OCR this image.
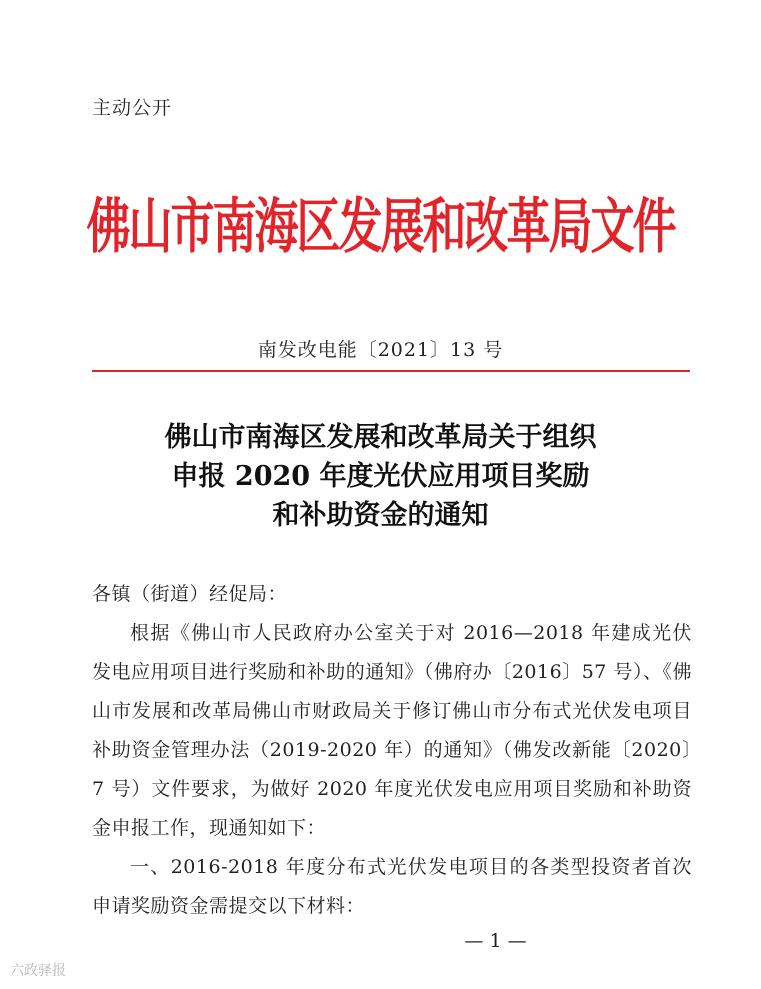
主动公开
佛山市南海区发展和改革局文件
南发改电能〔2021〕13 号
佛山市南海区发展和改革局关于组织
申报 2020 年度光伏应用项目奖励
和补助资金的通知

各镇（街道）经促局：

根据《佛山市人民政府办公室关于对 2016—2018 年建成光伏发电应用项目进行奖励和补助的通知》（佛府办〔2016〕57 号）、《佛山市发展和改革局佛山市财政局关于修订佛山市分布式光伏发电项目补助资金管理办法（2019-2020 年）的通知》（佛发改新能〔2020〕7 号）文件要求，为做好 2020 年度光伏发电应用项目奖励和补助资金申报工作，现通知如下：

一、2016-2018 年度分布式光伏发电项目的各类型投资者首次申请奖励资金需提交以下材料：

— 1 —
六政驿报
